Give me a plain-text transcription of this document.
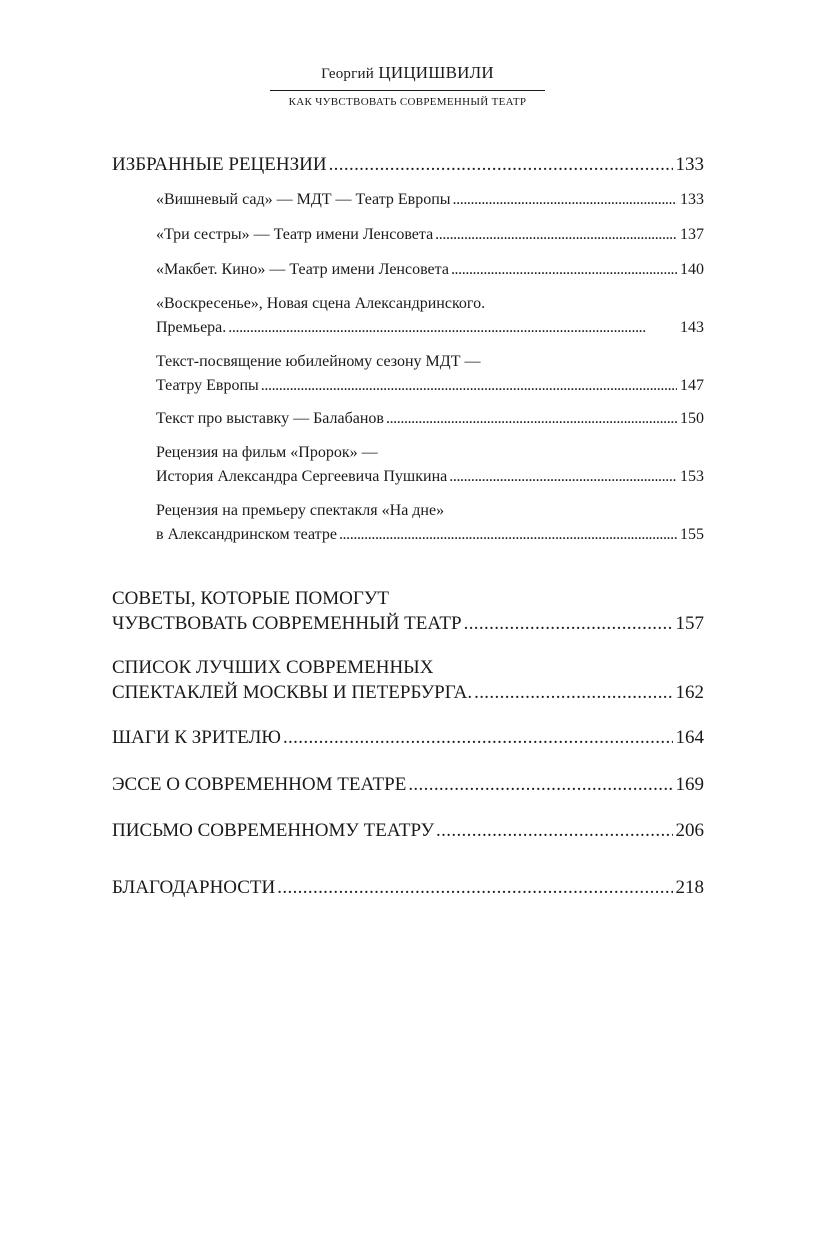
Георгий ЦИЦИШВИЛИ
КАК ЧУВСТВОВАТЬ СОВРЕМЕННЫЙ ТЕАТР
ИЗБРАННЫЕ РЕЦЕНЗИИ . . .	133
«Вишневый сад» — МДТ — Театр Европы . . .	133
«Три сестры» — Театр имени Ленсовета . . .	137
«Макбет. Кино» — Театр имени Ленсовета . . .	140
«Воскресенье», Новая сцена Александринского.
Премьера. . . .	143
Текст-посвящение юбилейному сезону МДТ —
Театру Европы . . .	147
Текст про выставку — Балабанов . . .	150
Рецензия на фильм «Пророк» —
История Александра Сергеевича Пушкина . . .	153
Рецензия на премьеру спектакля «На дне»
в Александринском театре . . .	155
СОВЕТЫ, КОТОРЫЕ ПОМОГУТ
ЧУВСТВОВАТЬ СОВРЕМЕННЫЙ ТЕАТР . . .	157
СПИСОК ЛУЧШИХ СОВРЕМЕННЫХ
СПЕКТАКЛЕЙ МОСКВЫ И ПЕТЕРБУРГА. . . .	162
ШАГИ К ЗРИТЕЛЮ . . .	164
ЭССЕ О СОВРЕМЕННОМ ТЕАТРЕ . . .	169
ПИСЬМО СОВРЕМЕННОМУ ТЕАТРУ . . .	206
БЛАГОДАРНОСТИ . . .	218
